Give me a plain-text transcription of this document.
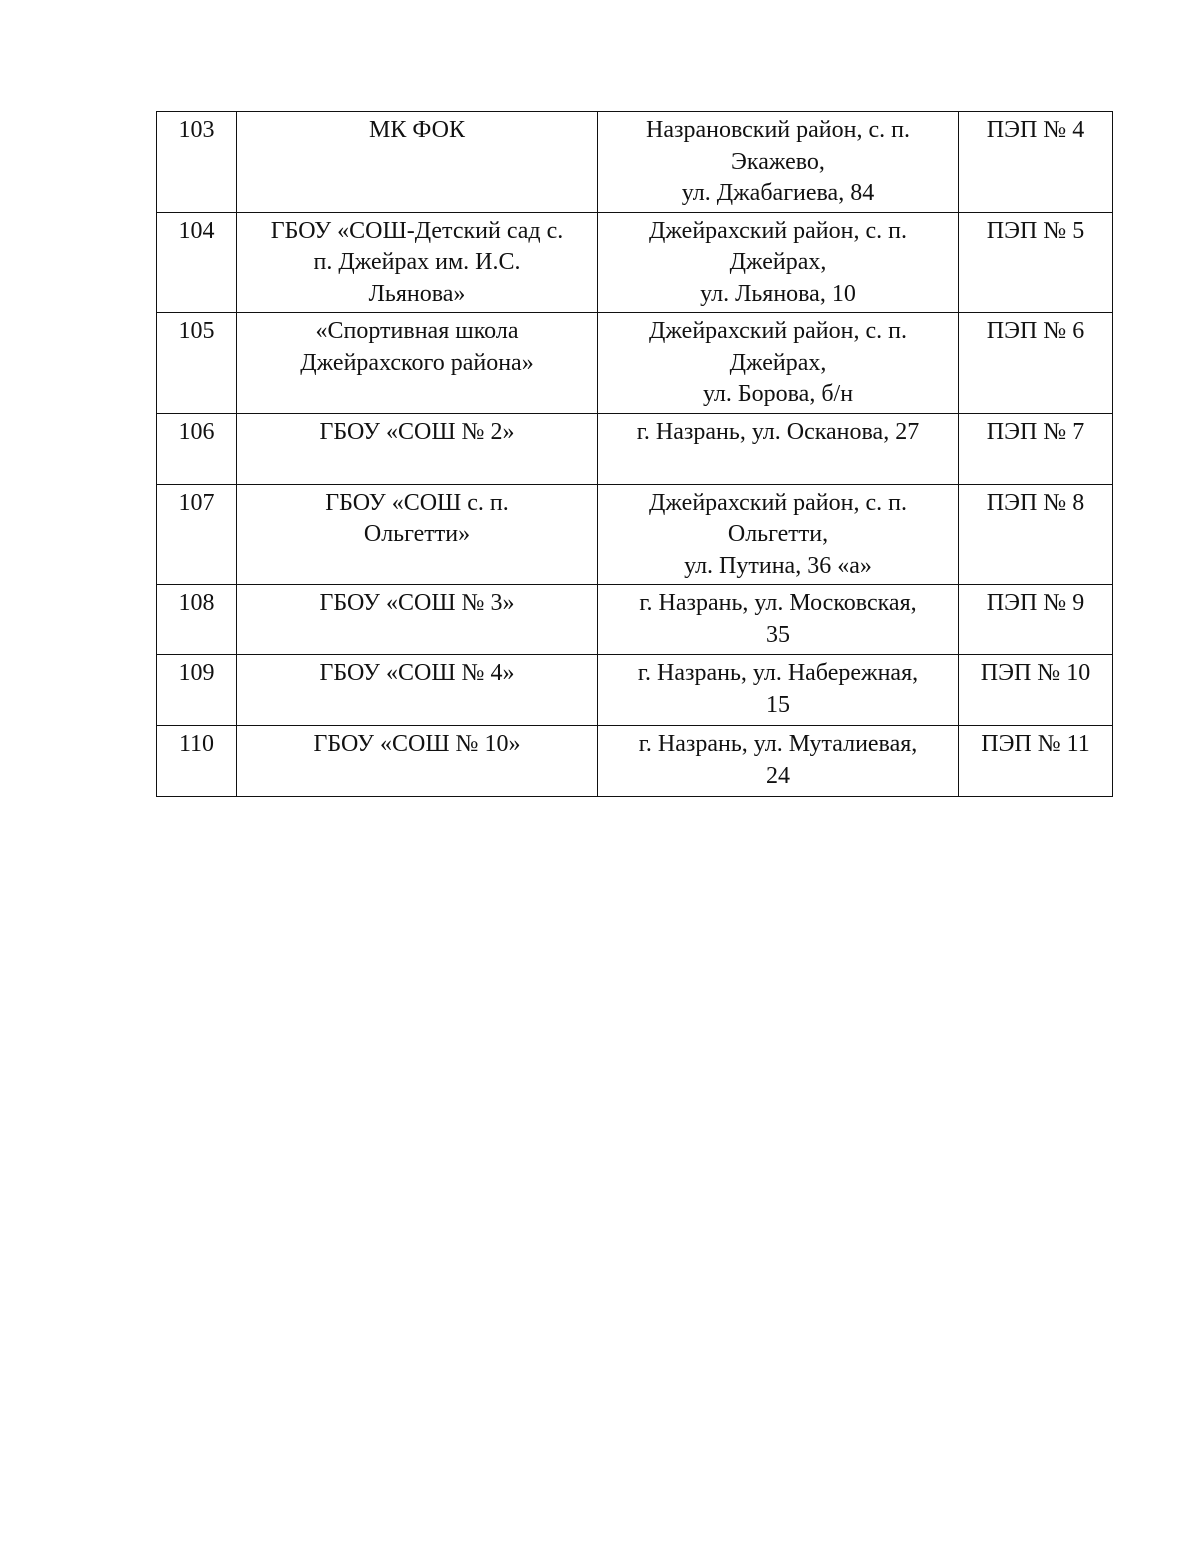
103	МК ФОК	Назрановский район, с. п.
Экажево,
ул. Джабагиева, 84	ПЭП № 4

104	ГБОУ «СОШ-Детский сад с.
п. Джейрах им. И.С.
Льянова»	Джейрахский район, с. п.
Джейрах,
ул. Льянова, 10	ПЭП № 5

105	«Спортивная школа
Джейрахского района»	Джейрахский район, с. п.
Джейрах,
ул. Борова, б/н	ПЭП № 6

106	ГБОУ «СОШ № 2»	г. Назрань, ул. Осканова, 27	ПЭП № 7

107	ГБОУ «СОШ с. п.
Ольгетти»	Джейрахский район, с. п.
Ольгетти,
ул. Путина, 36 «а»	ПЭП № 8

108	ГБОУ «СОШ № 3»	г. Назрань, ул. Московская,
35	ПЭП № 9

109	ГБОУ «СОШ № 4»	г. Назрань, ул. Набережная,
15	ПЭП № 10

110	ГБОУ «СОШ № 10»	г. Назрань, ул. Муталиевая,
24	ПЭП № 11
